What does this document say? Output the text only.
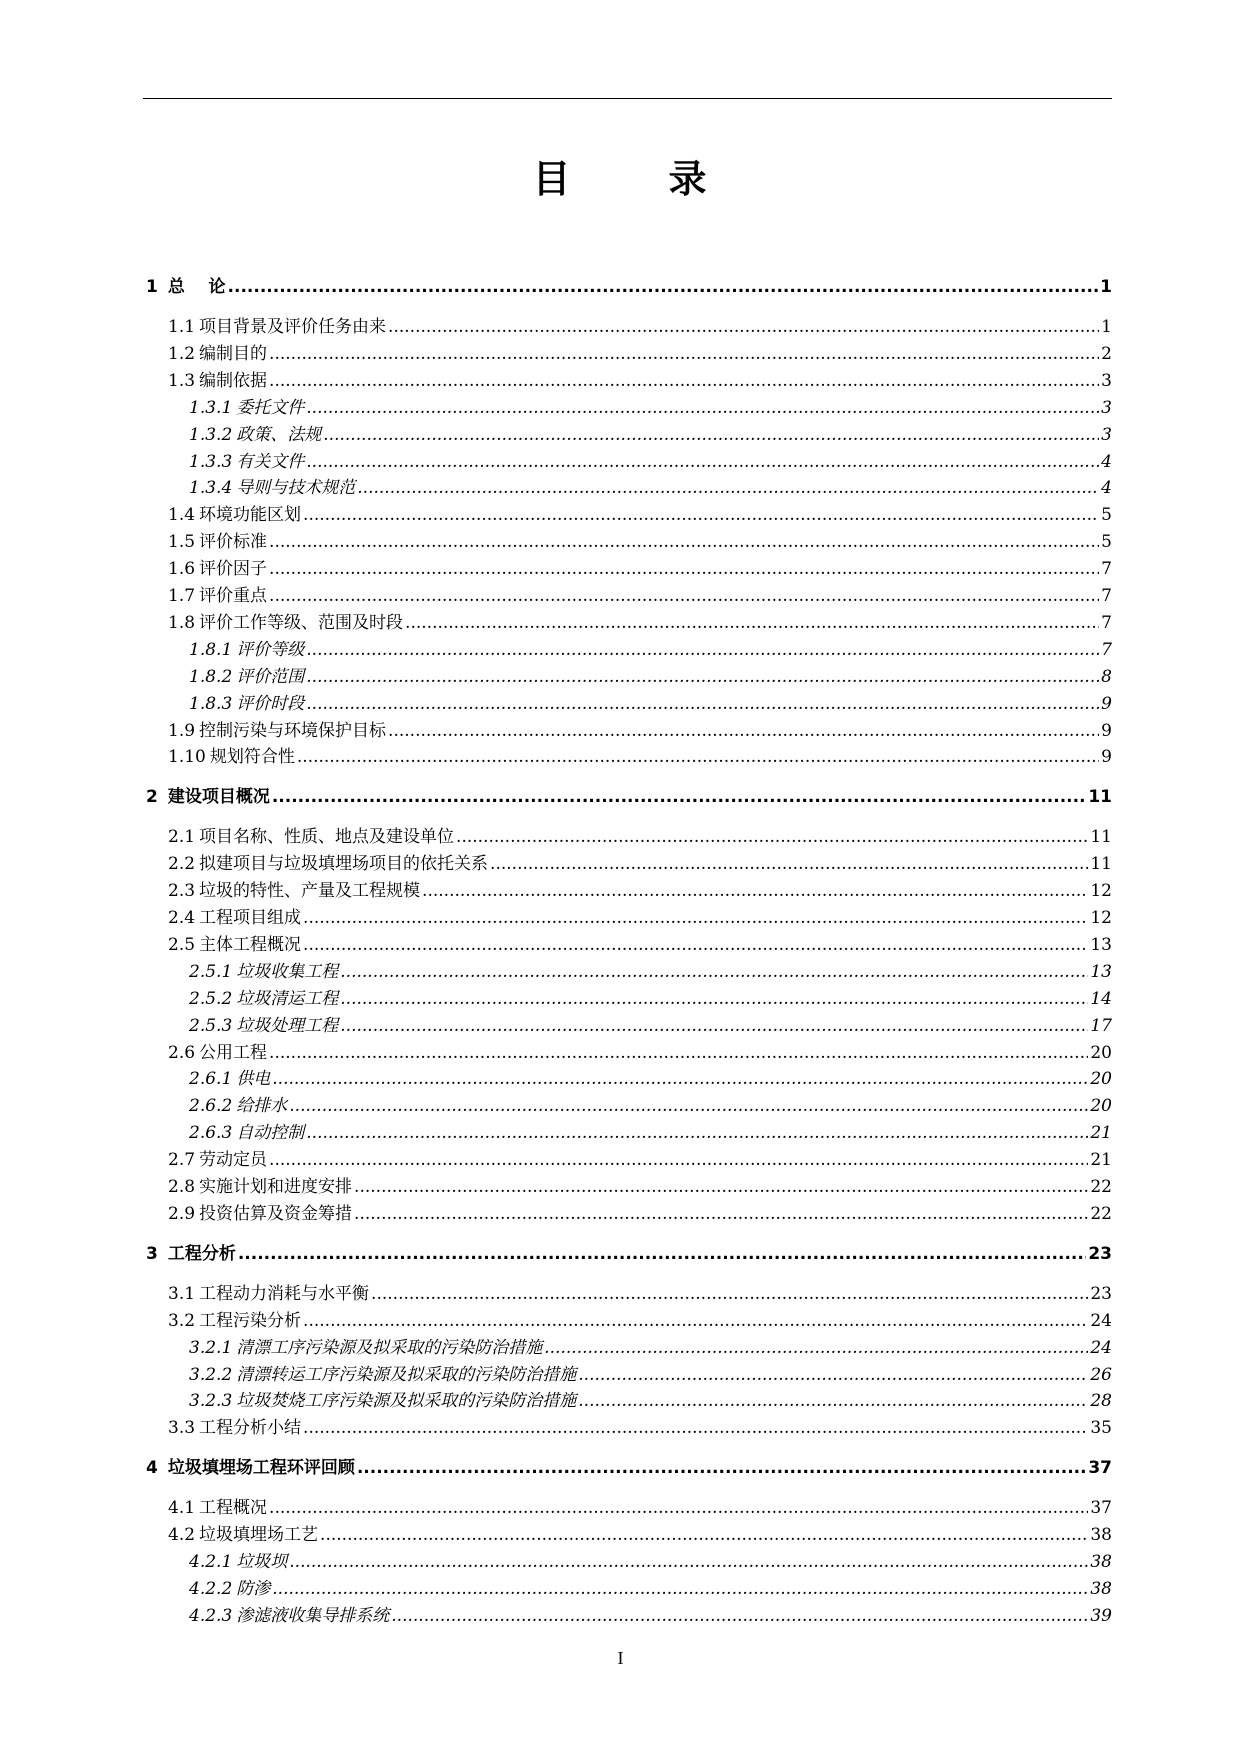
目	录
1 总    论 .....	1
1.1 项目背景及评价任务由来 .....	1
1.2 编制目的 .....	2
1.3 编制依据 .....	3
1.3.1 委托文件 .....	3
1.3.2 政策、法规 .....	3
1.3.3 有关文件 .....	4
1.3.4 导则与技术规范 .....	4
1.4 环境功能区划 .....	5
1.5 评价标准 .....	5
1.6 评价因子 .....	7
1.7 评价重点 .....	7
1.8 评价工作等级、范围及时段 .....	7
1.8.1 评价等级 .....	7
1.8.2 评价范围 .....	8
1.8.3 评价时段 .....	9
1.9 控制污染与环境保护目标 .....	9
1.10 规划符合性 .....	9
2 建设项目概况 .....	11
2.1 项目名称、性质、地点及建设单位 .....	11
2.2 拟建项目与垃圾填埋场项目的依托关系 .....	11
2.3 垃圾的特性、产量及工程规模 .....	12
2.4 工程项目组成 .....	12
2.5 主体工程概况 .....	13
2.5.1 垃圾收集工程 .....	13
2.5.2 垃圾清运工程 .....	14
2.5.3 垃圾处理工程 .....	17
2.6 公用工程 .....	20
2.6.1 供电 .....	20
2.6.2 给排水 .....	20
2.6.3 自动控制 .....	21
2.7 劳动定员 .....	21
2.8 实施计划和进度安排 .....	22
2.9 投资估算及资金筹措 .....	22
3 工程分析 .....	23
3.1 工程动力消耗与水平衡 .....	23
3.2 工程污染分析 .....	24
3.2.1 清漂工序污染源及拟采取的污染防治措施 .....	24
3.2.2 清漂转运工序污染源及拟采取的污染防治措施 .....	26
3.2.3 垃圾焚烧工序污染源及拟采取的污染防治措施 .....	28
3.3 工程分析小结 .....	35
4 垃圾填埋场工程环评回顾 .....	37
4.1 工程概况 .....	37
4.2 垃圾填埋场工艺 .....	38
4.2.1 垃圾坝 .....	38
4.2.2 防渗 .....	38
4.2.3 渗滤液收集导排系统 .....	39
I
